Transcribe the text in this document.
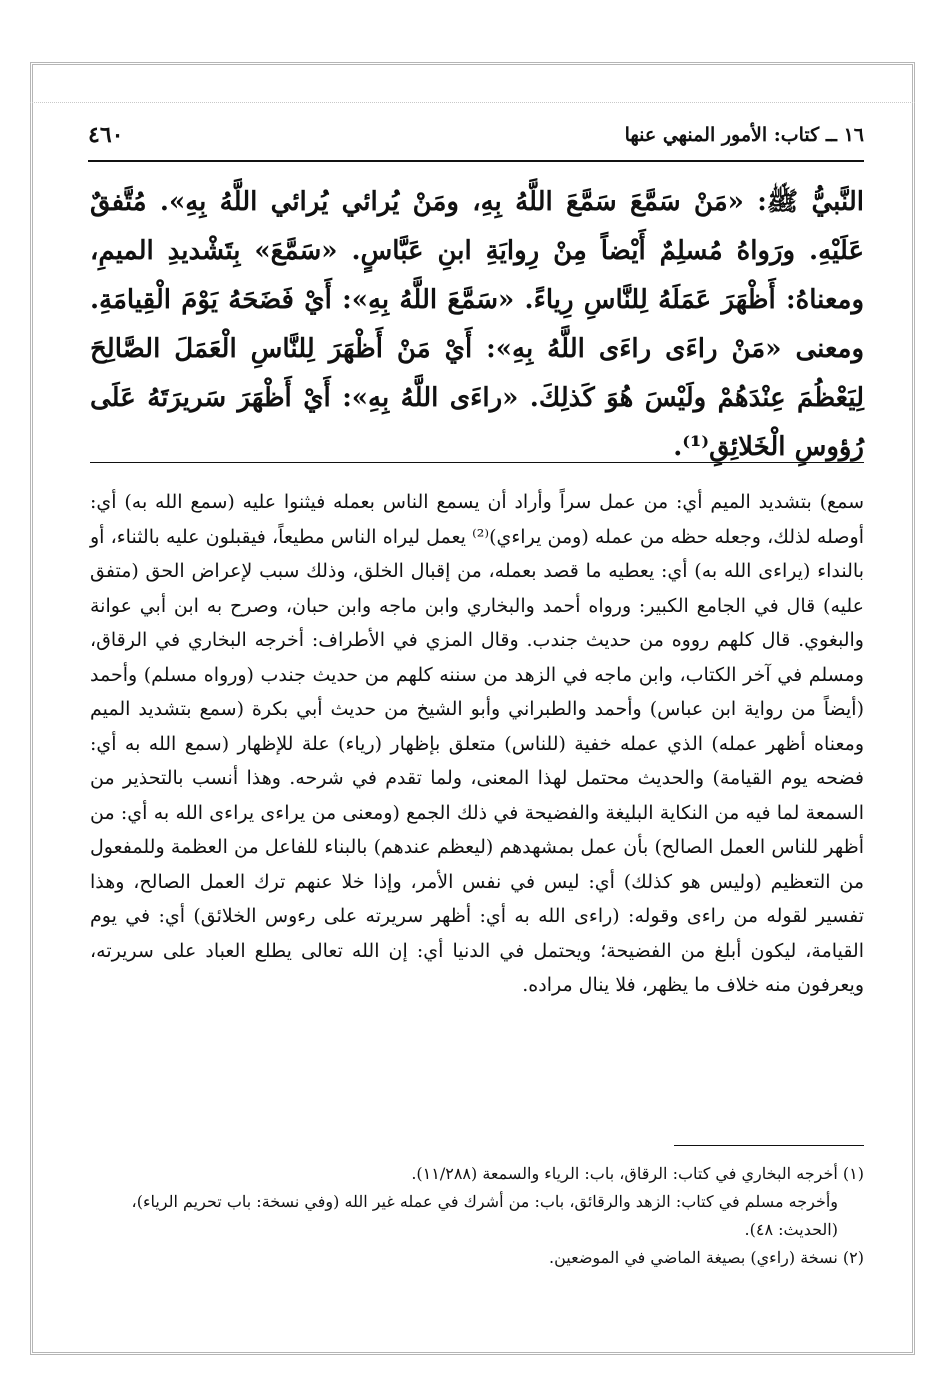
١٦ ــ كتاب: الأمور المنهي عنها
٤٦٠
النَّبيُّ ﷺ: «مَنْ سَمَّعَ سَمَّعَ اللَّهُ بِهِ، ومَنْ يُرائي يُرائي اللَّهُ بِهِ». مُتَّفقٌ عَلَيْهِ. ورَواهُ مُسلِمٌ أَيْضاً مِنْ رِوايَةِ ابنِ عَبَّاسٍ. «سَمَّعَ» بِتَشْديدِ الميمِ، ومعناهُ: أَظْهَرَ عَمَلَهُ لِلنَّاسِ رِياءً. «سَمَّعَ اللَّهُ بِهِ»: أَيْ فَضَحَهُ يَوْمَ الْقِيامَةِ. ومعنى «مَنْ راءَى راءَى اللَّهُ بِهِ»: أَيْ مَنْ أَظْهَرَ لِلنَّاسِ الْعَمَلَ الصَّالِحَ لِيَعْظُمَ عِنْدَهُمْ ولَيْسَ هُوَ كَذلِكَ. «راءَى اللَّهُ بِهِ»: أَيْ أَظْهَرَ سَريرَتَهُ عَلَى رُؤوسِ الْخَلائِقِ⁽¹⁾.
سمع) بتشديد الميم أي: من عمل سراً وأراد أن يسمع الناس بعمله فيثنوا عليه (سمع الله به) أي: أوصله لذلك، وجعله حظه من عمله (ومن يراءي)⁽²⁾ يعمل ليراه الناس مطيعاً، فيقبلون عليه بالثناء، أو بالنداء (يراءى الله به) أي: يعطيه ما قصد بعمله، من إقبال الخلق، وذلك سبب لإعراض الحق (متفق عليه) قال في الجامع الكبير: ورواه أحمد والبخاري وابن ماجه وابن حبان، وصرح به ابن أبي عوانة والبغوي. قال كلهم رووه من حديث جندب. وقال المزي في الأطراف: أخرجه البخاري في الرقاق، ومسلم في آخر الكتاب، وابن ماجه في الزهد من سننه كلهم من حديث جندب (ورواه مسلم) وأحمد (أيضاً من رواية ابن عباس) وأحمد والطبراني وأبو الشيخ من حديث أبي بكرة (سمع بتشديد الميم ومعناه أظهر عمله) الذي عمله خفية (للناس) متعلق بإظهار (رياء) علة للإظهار (سمع الله به أي: فضحه يوم القيامة) والحديث محتمل لهذا المعنى، ولما تقدم في شرحه. وهذا أنسب بالتحذير من السمعة لما فيه من النكاية البليغة والفضيحة في ذلك الجمع (ومعنى من يراءى يراءى الله به أي: من أظهر للناس العمل الصالح) بأن عمل بمشهدهم (ليعظم عندهم) بالبناء للفاعل من العظمة وللمفعول من التعظيم (وليس هو كذلك) أي: ليس في نفس الأمر، وإذا خلا عنهم ترك العمل الصالح، وهذا تفسير لقوله من راءى وقوله: (راءى الله به أي: أظهر سريرته على رءوس الخلائق) أي: في يوم القيامة، ليكون أبلغ من الفضيحة؛ ويحتمل في الدنيا أي: إن الله تعالى يطلع العباد على سريرته، ويعرفون منه خلاف ما يظهر، فلا ينال مراده.

(١) أخرجه البخاري في كتاب: الرقاق، باب: الرياء والسمعة (١١/٢٨٨).

وأخرجه مسلم في كتاب: الزهد والرقائق، باب: من أشرك في عمله غير الله (وفي نسخة: باب تحريم الرياء)، (الحديث: ٤٨).

(٢) نسخة (راءي) بصيغة الماضي في الموضعين.
